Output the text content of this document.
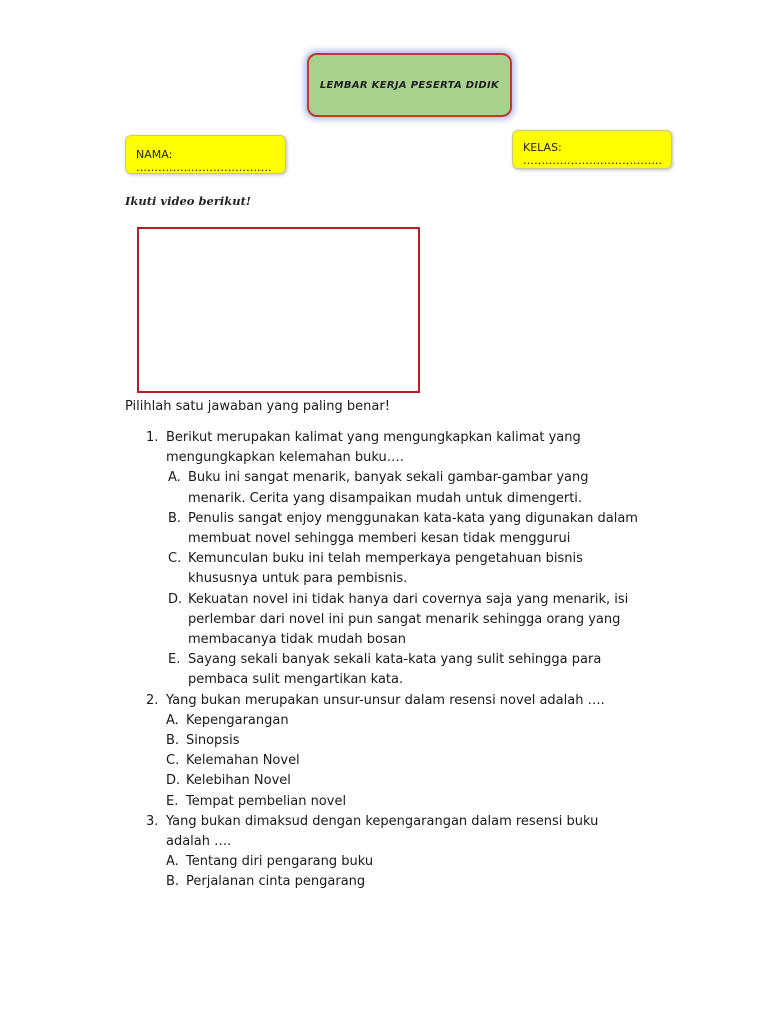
LEMBAR KERJA PESERTA DIDIK
NAMA: ……………………………….
KELAS: ………………………………..
Ikuti video berikut!
Pilihlah satu jawaban yang paling benar!
1. Berikut merupakan kalimat yang mengungkapkan kalimat yang mengungkapkan kelemahan buku….
A. Buku ini sangat menarik, banyak sekali gambar-gambar yang menarik. Cerita yang disampaikan mudah untuk dimengerti.
B. Penulis sangat enjoy menggunakan kata-kata yang digunakan dalam membuat novel sehingga memberi kesan tidak menggurui
C. Kemunculan buku ini telah memperkaya pengetahuan bisnis khususnya untuk para pembisnis.
D. Kekuatan novel ini tidak hanya dari covernya saja yang menarik, isi perlembar dari novel ini pun sangat menarik sehingga orang yang membacanya tidak mudah bosan
E. Sayang sekali banyak sekali kata-kata yang sulit sehingga para pembaca sulit mengartikan kata.
2. Yang bukan merupakan unsur-unsur dalam resensi novel adalah ….
A. Kepengarangan
B. Sinopsis
C. Kelemahan Novel
D. Kelebihan Novel
E. Tempat pembelian novel
3. Yang bukan dimaksud dengan kepengarangan dalam resensi buku adalah ….
A. Tentang diri pengarang buku
B. Perjalanan cinta pengarang
